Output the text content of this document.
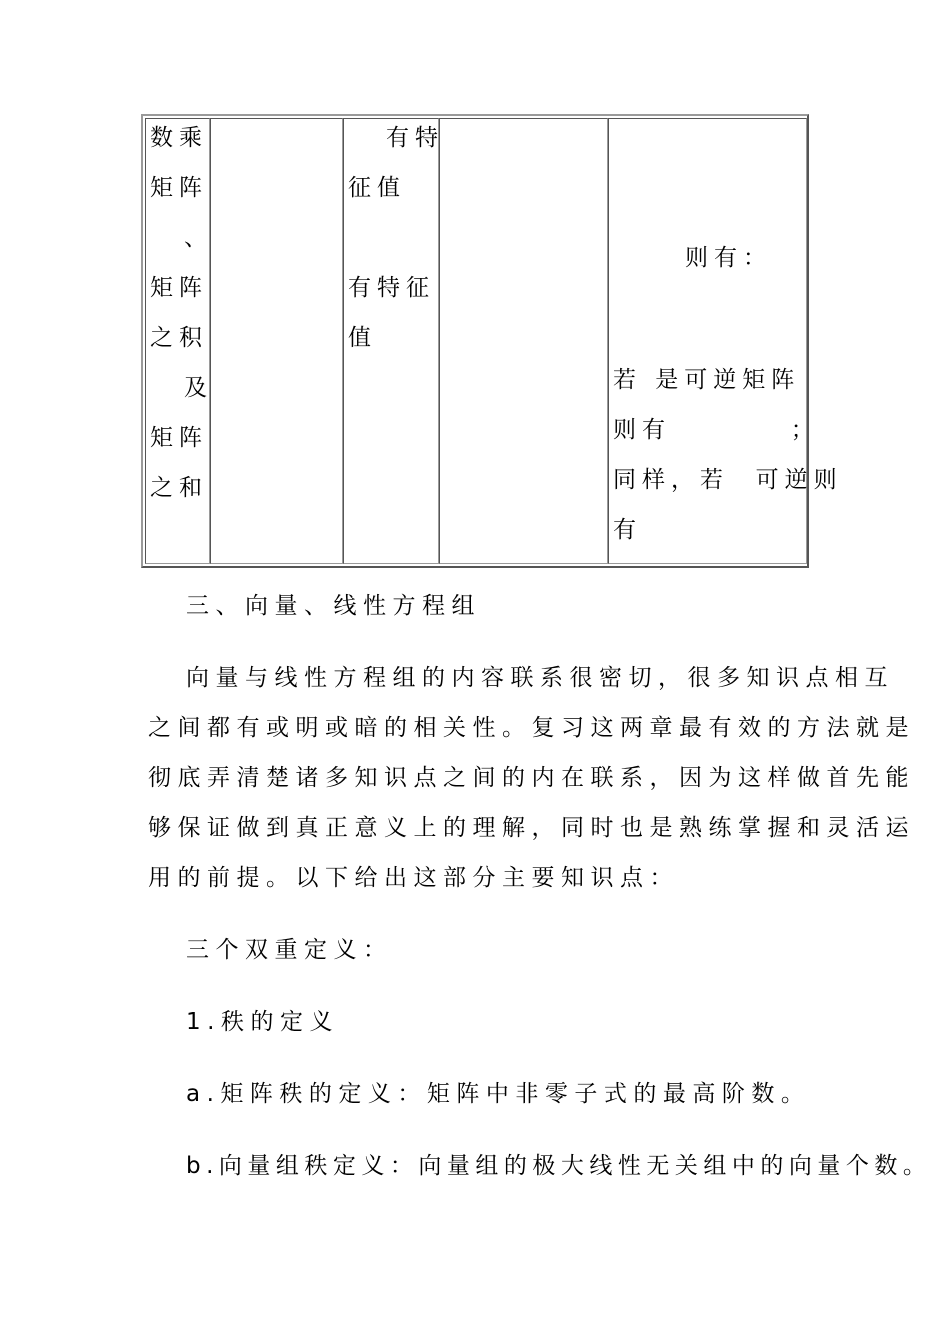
数乘
矩阵
、
矩阵
之积
及
矩阵
之和
有特
征值
有特征
值
则有：
若 是可逆矩阵
则有         ；
同样，若  可逆则
有
三、向量、线性方程组
向量与线性方程组的内容联系很密切，很多知识点相互
之间都有或明或暗的相关性。复习这两章最有效的方法就是
彻底弄清楚诸多知识点之间的内在联系，因为这样做首先能
够保证做到真正意义上的理解，同时也是熟练掌握和灵活运
用的前提。以下给出这部分主要知识点：
三个双重定义：
1.秩的定义
a.矩阵秩的定义：矩阵中非零子式的最高阶数。
b.向量组秩定义：向量组的极大线性无关组中的向量个数。
